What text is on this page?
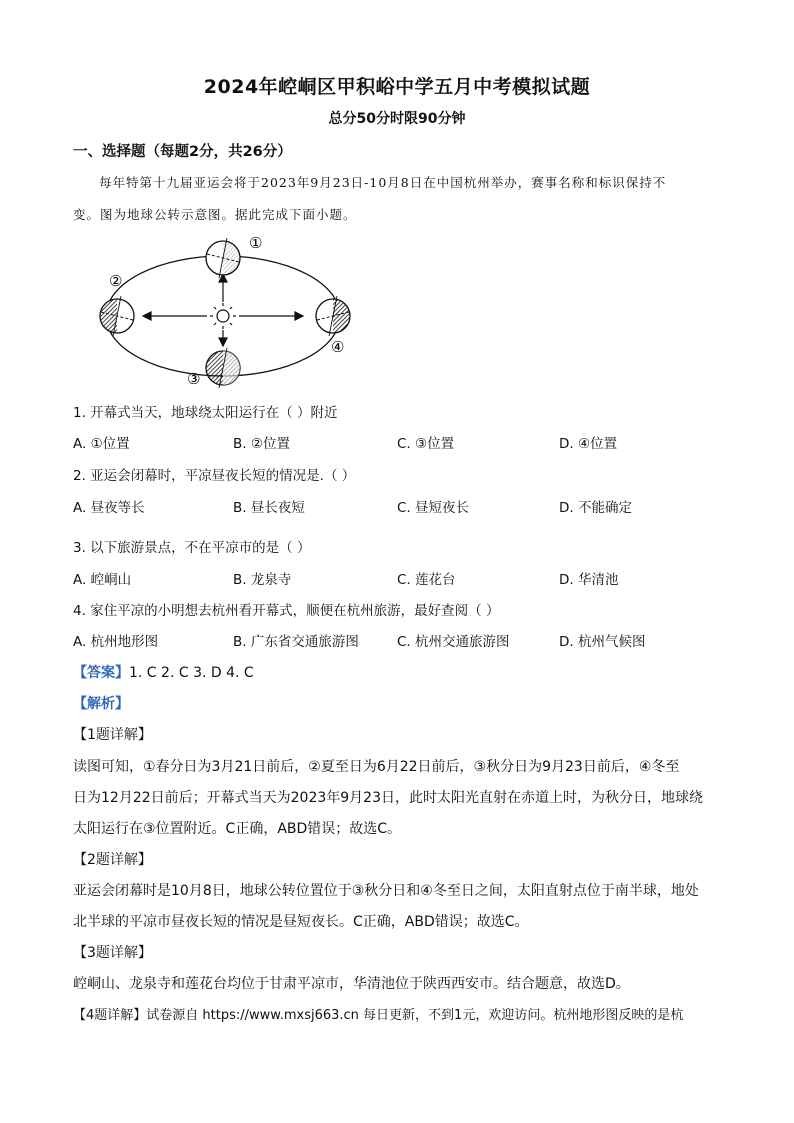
2024年崆峒区甲积峪中学五月中考模拟试题
总分50分时限90分钟
一、选择题（每题2分，共26分）
每年特第十九届亚运会将于2023年9月23日-10月8日在中国杭州举办，赛事名称和标识保持不
变。图为地球公转示意图。据此完成下面小题。
①
②
③
④
1. 开幕式当天，地球绕太阳运行在（ ）附近
A. ①位置	B. ②位置	C. ③位置	D. ④位置
2. 亚运会闭幕时，平凉昼夜长短的情况是.（ ）
A. 昼夜等长	B. 昼长夜短	C. 昼短夜长	D. 不能确定
3. 以下旅游景点，不在平凉市的是（ ）
A. 崆峒山	B. 龙泉寺	C. 莲花台	D. 华清池
4. 家住平凉的小明想去杭州看开幕式，顺便在杭州旅游，最好查阅（ ）
A. 杭州地形图	B. 广东省交通旅游图	C. 杭州交通旅游图	D. 杭州气候图
【答案】1. C 2. C 3. D 4. C
【解析】
【1题详解】
读图可知，①春分日为3月21日前后，②夏至日为6月22日前后，③秋分日为9月23日前后，④冬至
日为12月22日前后；开幕式当天为2023年9月23日，此时太阳光直射在赤道上时，为秋分日，地球绕
太阳运行在③位置附近。C正确，ABD错误；故选C。
【2题详解】
亚运会闭幕时是10月8日，地球公转位置位于③秋分日和④冬至日之间，太阳直射点位于南半球，地处
北半球的平凉市昼夜长短的情况是昼短夜长。C正确，ABD错误；故选C。
【3题详解】
崆峒山、龙泉寺和莲花台均位于甘肃平凉市，华清池位于陕西西安市。结合题意，故选D。
【4题详解】试卷源自 https://www.mxsj663.cn 每日更新，不到1元，欢迎访问。杭州地形图反映的是杭
